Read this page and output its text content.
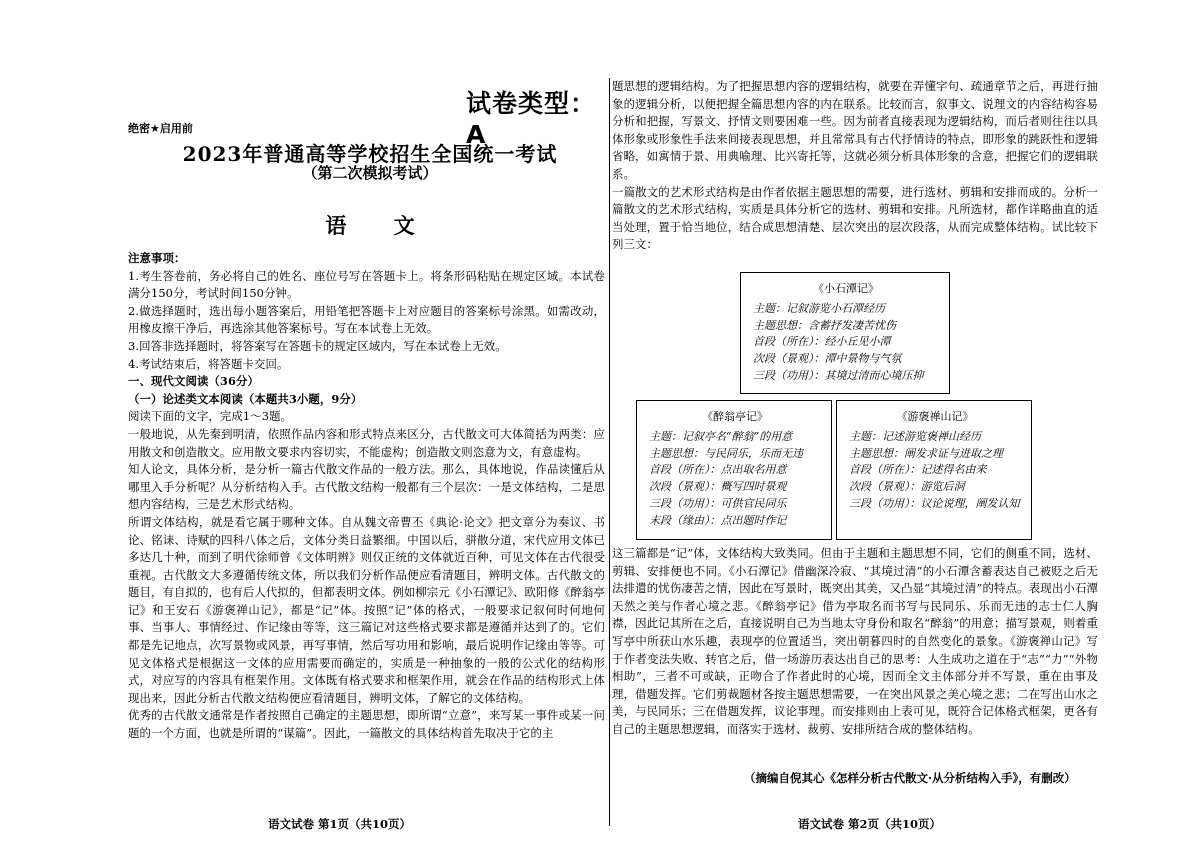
试卷类型：A
绝密★启用前
2023年普通高等学校招生全国统一考试
（第二次模拟考试）
语 文

注意事项：

1.考生答卷前，务必将自己的姓名、座位号写在答题卡上。将条形码粘贴在规定区域。本试卷满分150分，考试时间150分钟。

2.做选择题时，选出每小题答案后，用铅笔把答题卡上对应题目的答案标号涂黑。如需改动，用橡皮擦干净后，再选涂其他答案标号。写在本试卷上无效。

3.回答非选择题时，将答案写在答题卡的规定区域内，写在本试卷上无效。

4.考试结束后，将答题卡交回。

一、现代文阅读（36分）

（一）论述类文本阅读（本题共3小题，9分）

阅读下面的文字，完成1～3题。

一般地说，从先秦到明清，依照作品内容和形式特点来区分，古代散文可大体简括为两类：应用散文和创造散文。应用散文要求内容切实，不能虚构；创造散文则恣意为文，有意虚构。

知人论文，具体分析，是分析一篇古代散文作品的一般方法。那么，具体地说，作品读懂后从哪里入手分析呢？从分析结构入手。古代散文结构一般都有三个层次：一是文体结构，二是思想内容结构，三是艺术形式结构。

所谓文体结构，就是看它属于哪种文体。自从魏文帝曹丕《典论·论文》把文章分为奏议、书论、铭诔、诗赋的四科八体之后，文体分类日益繁细。中国以后，骈散分道，宋代应用文体已多达几十种，而到了明代徐师曾《文体明辨》则仅正统的文体就近百种，可见文体在古代很受重视。古代散文大多遵循传统文体，所以我们分析作品便应看清题目，辨明文体。古代散文的题目，有自拟的，也有后人代拟的，但都表明文体。例如柳宗元《小石潭记》、欧阳修《醉翁亭记》和王安石《游褒禅山记》，都是“记”体。按照“记”体的格式，一般要求记叙何时何地何事、当事人、事情经过、作记缘由等等，这三篇记对这些格式要求都是遵循并达到了的。它们都是先记地点，次写景物或风景，再写事情，然后写功用和影响，最后说明作记缘由等等。可见文体格式是根据这一文体的应用需要而确定的，实质是一种抽象的一般的公式化的结构形式，对应写的内容具有框架作用。文体既有格式要求和框架作用，就会在作品的结构形式上体现出来，因此分析古代散文结构便应看清题目，辨明文体，了解它的文体结构。

优秀的古代散文通常是作者按照自己确定的主题思想，即所谓“立意”，来写某一事件或某一问题的一个方面，也就是所谓的“谋篇”。因此，一篇散文的具体结构首先取决于它的主

语文试卷 第1页（共10页）

题思想的逻辑结构。为了把握思想内容的逻辑结构，就要在弄懂字句、疏通章节之后，再进行抽象的逻辑分析，以便把握全篇思想内容的内在联系。比较而言，叙事文、说理文的内容结构容易分析和把握，写景文、抒情文则要困难一些。因为前者直接表现为逻辑结构，而后者则往往以具体形象或形象性手法来间接表现思想，并且常常具有古代抒情诗的特点，即形象的跳跃性和逻辑省略，如寓情于景、用典喻理、比兴寄托等，这就必须分析具体形象的含意，把握它们的逻辑联系。

一篇散文的艺术形式结构是由作者依据主题思想的需要，进行选材、剪辑和安排而成的。分析一篇散文的艺术形式结构，实质是具体分析它的选材、剪辑和安排。凡所选材，都作详略曲直的适当处理，置于恰当地位，结合成思想清楚、层次突出的层次段落，从而完成整体结构。试比较下列三文：

《小石潭记》
主题：记叙游览小石潭经历
主题思想：含蓄抒发凄苦忧伤
首段（所在）：经小丘见小潭
次段（景观）：潭中景物与气氛
三段（功用）：其境过清而心境压抑
《醉翁亭记》
主题：记叙亭名“醉翁”的用意
主题思想：与民同乐，乐而无违
首段（所在）：点出取名用意
次段（景观）：概写四时景观
三段（功用）：可供官民同乐
末段（缘由）：点出题时作记
《游褒禅山记》
主题：记述游览褒禅山经历
主题思想：阐发求证与进取之理
首段（所在）：记述得名由来
次段（景观）：游览后洞
三段（功用）：议论说理，阐发认知

这三篇都是“记”体，文体结构大致类同。但由于主题和主题思想不同，它们的侧重不同，选材、剪辑、安排便也不同。《小石潭记》借幽深冷寂、“其境过清”的小石潭含蓄表达自己被贬之后无法排遣的忧伤凄苦之情，因此在写景时，既突出其美，又凸显“其境过清”的特点。表现出小石潭天然之美与作者心境之悲。《醉翁亭记》借为亭取名而书写与民同乐、乐而无违的志士仁人胸襟，因此记其所在之后，直接说明自己为当地太守身份和取名“醉翁”的用意；描写景观，则着重写亭中所获山水乐趣，表现亭的位置适当，突出朝暮四时的自然变化的景象。《游褒禅山记》写于作者变法失败、转官之后，借一场游历表达出自己的思考：人生成功之道在于“志”“力”“外物相助”，三者不可或缺，正吻合了作者此时的心境，因而全文主体部分并不写景，重在由事及理，借题发挥。它们剪裁题材各按主题思想需要，一在突出风景之美心境之悲；二在写出山水之美，与民同乐；三在借题发挥，议论事理。而安排则由上表可见，既符合记体格式框架，更各有自己的主题思想逻辑，而落实于选材、裁剪、安排所结合成的整体结构。

（摘编自倪其心《怎样分析古代散文·从分析结构入手》，有删改）
语文试卷 第2页（共10页）
